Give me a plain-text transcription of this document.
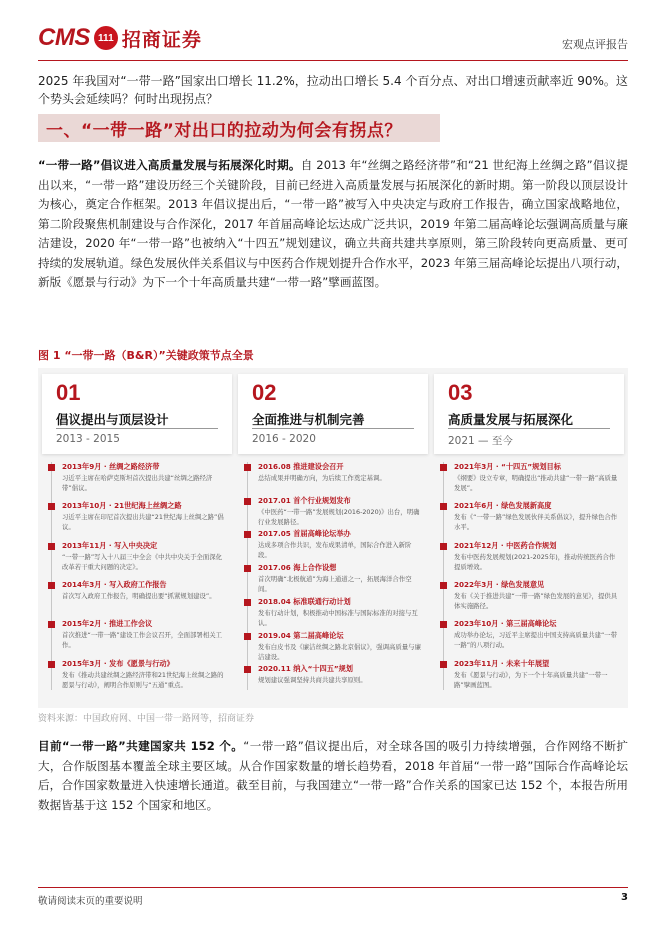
CMS 111 招商证券	宏观点评报告
2025 年我国对“一带一路”国家出口增长 11.2%，拉动出口增长 5.4 个百分点、对出口增速贡献率近 90%。这个势头会延续吗？何时出现拐点？
一、“一带一路”对出口的拉动为何会有拐点？
“一带一路”倡议进入高质量发展与拓展深化时期。自 2013 年“丝绸之路经济带”和“21 世纪海上丝绸之路”倡议提出以来，“一带一路”建设历经三个关键阶段，目前已经进入高质量发展与拓展深化的新时期。第一阶段以顶层设计为核心，奠定合作框架。2013 年倡议提出后，“一带一路”被写入中央决定与政府工作报告，确立国家战略地位，第二阶段聚焦机制建设与合作深化，2017 年首届高峰论坛达成广泛共识，2019 年第二届高峰论坛强调高质量与廉洁建设，2020 年“一带一路”也被纳入“十四五”规划建议，确立共商共建共享原则，第三阶段转向更高质量、更可持续的发展轨道。绿色发展伙伴关系倡议与中医药合作规划提升合作水平，2023 年第三届高峰论坛提出八项行动，新版《愿景与行动》为下一个十年高质量共建“一带一路”擘画蓝图。
图 1 “一带一路（B&R）”关键政策节点全景
01
倡议提出与顶层设计
2013 - 2015
2013年9月 · 丝绸之路经济带
习近平主席在哈萨克斯坦首次提出共建“丝绸之路经济带”倡议。
2013年10月 · 21世纪海上丝绸之路
习近平主席在印尼首次提出共建“21世纪海上丝绸之路”倡议。
2013年11月 · 写入中央决定
“一带一路”写入十八届三中全会《中共中央关于全面深化改革若干重大问题的决定》。
2014年3月 · 写入政府工作报告
首次写入政府工作报告，明确提出要“抓紧规划建设”。
2015年2月 · 推进工作会议
首次推进“一带一路”建设工作会议召开，全面部署相关工作。
2015年3月 · 发布《愿景与行动》
发布《推动共建丝绸之路经济带和21世纪海上丝绸之路的愿景与行动》，阐明合作原则与“五通”重点。
02
全面推进与机制完善
2016 - 2020
2016.08 推进建设会召开
总结成果并明确方向，为后续工作奠定基调。
2017.01 首个行业规划发布
《中医药“一带一路”发展规划(2016-2020)》出台，明确行业发展路径。
2017.05 首届高峰论坛举办
达成多项合作共识，发布成果清单，国际合作进入新阶段。
2017.06 海上合作设想
首次明确“北极航道”为海上通道之一，拓展海洋合作空间。
2018.04 标准联通行动计划
发布行动计划，积极推动中国标准与国际标准的对接与互认。
2019.04 第二届高峰论坛
发布白皮书及《廉洁丝绸之路北京倡议》，强调高质量与廉洁建设。
2020.11 纳入“十四五”规划
规划建议强调坚持共商共建共享原则。
03
高质量发展与拓展深化
2021 — 至今
2021年3月 · “十四五”规划目标
《纲要》设立专章，明确提出“推动共建“一带一路”高质量发展”。
2021年6月 · 绿色发展新高度
发布《“一带一路”绿色发展伙伴关系倡议》，提升绿色合作水平。
2021年12月 · 中医药合作规划
发布中医药发展规划(2021-2025年)，推动传统医药合作提质增效。
2022年3月 · 绿色发展意见
发布《关于推进共建“一带一路”绿色发展的意见》，提供具体实施路径。
2023年10月 · 第三届高峰论坛
成功举办论坛，习近平主席提出中国支持高质量共建“一带一路”的八项行动。
2023年11月 · 未来十年展望
发布《愿景与行动》，为下一个十年高质量共建“一带一路”擘画蓝图。
资料来源：中国政府网、中国一带一路网等，招商证券
目前“一带一路”共建国家共 152 个。“一带一路”倡议提出后，对全球各国的吸引力持续增强，合作网络不断扩大，合作版图基本覆盖全球主要区域。从合作国家数量的增长趋势看，2018 年首届“一带一路”国际合作高峰论坛后，合作国家数量进入快速增长通道。截至目前，与我国建立“一带一路”合作关系的国家已达 152 个，本报告所用数据皆基于这 152 个国家和地区。
敬请阅读末页的重要说明	3
